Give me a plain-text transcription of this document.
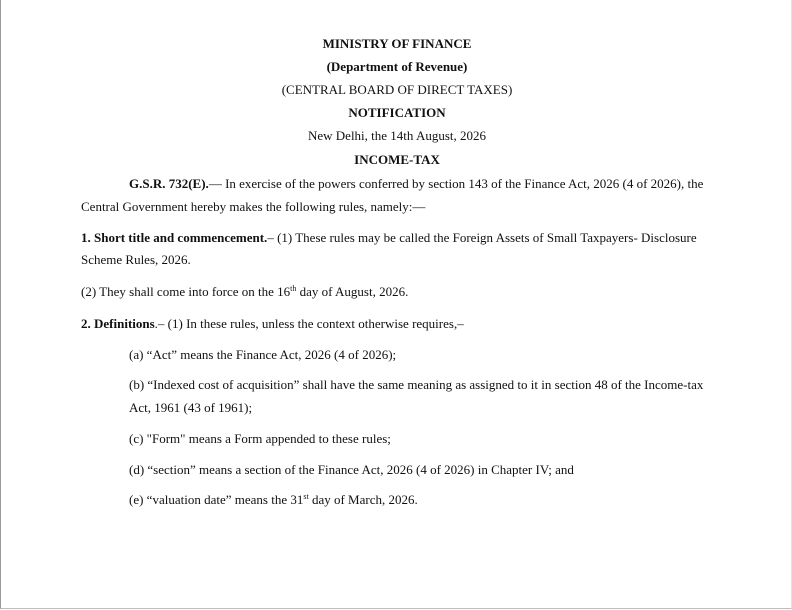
MINISTRY OF FINANCE
(Department of Revenue)
(CENTRAL BOARD OF DIRECT TAXES)
NOTIFICATION
New Delhi, the 14th August, 2026
INCOME-TAX
G.S.R. 732(E).— In exercise of the powers conferred by section 143 of the Finance Act, 2026 (4 of 2026), the
Central Government hereby makes the following rules, namely:—
1. Short title and commencement.– (1) These rules may be called the Foreign Assets of Small Taxpayers- Disclosure
Scheme Rules, 2026.
(2) They shall come into force on the 16th day of August, 2026.
2. Definitions.– (1) In these rules, unless the context otherwise requires,–
(a) “Act” means the Finance Act, 2026 (4 of 2026);
(b) “Indexed cost of acquisition” shall have the same meaning as assigned to it in section 48 of the Income-tax
Act, 1961 (43 of 1961);
(c) "Form" means a Form appended to these rules;
(d) “section” means a section of the Finance Act, 2026 (4 of 2026) in Chapter IV; and
(e) “valuation date” means the 31st day of March, 2026.
